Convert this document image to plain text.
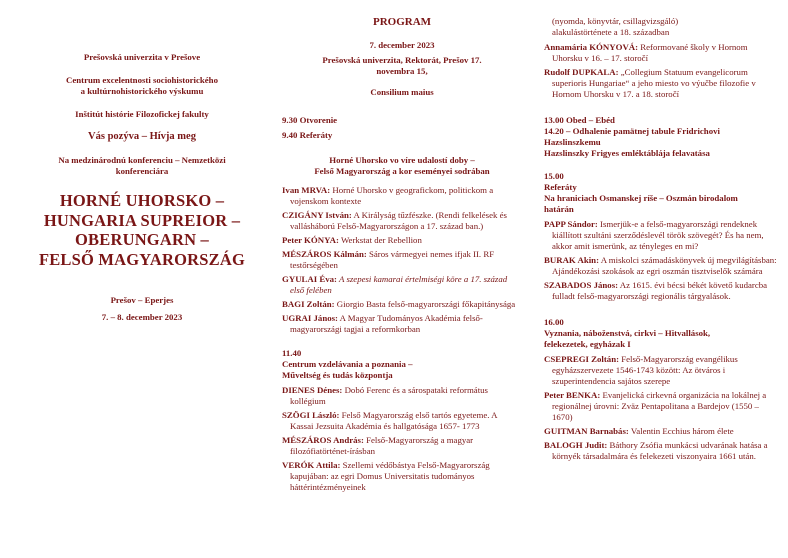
Prešovská univerzita v Prešove
Centrum excelentnosti sociohistorického
a kultúrnohistorického výskumu
Inštitút histórie Filozofickej fakulty
Vás pozýva – Hívja meg
Na medzinárodnú konferenciu – Nemzetközi
konferenciára
HORNÉ UHORSKO –
HUNGARIA SUPREIOR –
OBERUNGARN –
FELSŐ MAGYARORSZÁG
Prešov – Eperjes
7. – 8. december 2023
PROGRAM
7. december 2023
Prešovská univerzita, Rektorát, Prešov 17.
novembra 15,
Consilium maius
9.30 Otvorenie
9.40 Referáty
Horné Uhorsko vo víre udalostí doby –
Felső Magyarország a kor eseményei sodrában
Ivan MRVA: Horné Uhorsko v geografickom, politickom a vojenskom kontexte
CZIGÁNY István: A Királyság tűzfészke. (Rendi felkelések és vallásháború Felső-Magyarországon a 17. század ban.)
Peter KÓNYA: Werkstat der Rebellion
MÉSZÁROS Kálmán: Sáros vármegyei nemes ifjak II. RF testőrségében
GYULAI Éva: A szepesi kamarai értelmiségi köre a 17. század első felében
BAGI Zoltán: Giorgio Basta felső-magyarországi főkapitánysága
UGRAI János: A Magyar Tudományos Akadémia felső-magyarországi tagjai a reformkorban
11.40
Centrum vzdelávania a poznania –
Műveltség és tudás központja
DIENES Dénes: Dobó Ferenc és a sárospataki református kollégium
SZÖGI László: Felső Magyarország első tartós egyeteme. A Kassai Jezsuita Akadémia és hallgatósága 1657- 1773
MÉSZÁROS András: Felső-Magyarország a magyar filozófiatörténet-írásban
VERÓK Attila: Szellemi védőbástya Felső-Magyarország kapujában: az egri Domus Universitatis tudományos háttérintézményeinek
(nyomda, könyvtár, csillagvizsgáló)
alakulástörténete a 18. században
Annamária KÓNYOVÁ: Reformované školy v Hornom Uhorsku v 16. – 17. storočí
Rudolf DUPKALA: „Collegium Statuum evangelicorum superioris Hungariae“ a jeho miesto vo výučbe filozofie v Hornom Uhorsku v 17. a 18. storočí
13.00 Obed – Ebéd
14.20 – Odhalenie pamätnej tabule Fridrichovi
Hazslinszkemu
Hazslinszky Frigyes emléktáblája felavatása
15.00
Referáty
Na hraniciach Osmanskej ríše – Oszmán birodalom
határán
PAPP Sándor: Ismerjük-e a felső-magyarországi rendeknek kiállított szultáni szerződéslevél török szövegét? És ha nem, akkor amit ismerünk, az tényleges en mi?
BURAK Akin: A miskolci számadáskönyvek új megvilágításban: Ajándékozási szokások az egri oszmán tisztviselők számára
SZABADOS János: Az 1615. évi bécsi békét követő kudarcba fulladt felső-magyarországi regionális tárgyalások.
16.00
Vyznania, náboženstvá, cirkvi – Hitvallások,
felekezetek, egyházak I
CSEPREGI Zoltán: Felső-Magyarország evangélikus egyházszervezete 1546-1743 között: Az ötváros i szuperintendencia sajátos szerepe
Peter BENKA: Evanjelická cirkevná organizácia na lokálnej a regionálnej úrovni: Zväz Pentapolitana a Bardejov (1550 – 1670)
GUITMAN Barnabás: Valentin Ecchius három élete
BALOGH Judit: Báthory Zsófia munkácsi udvarának hatása a környék társadalmára és felekezeti viszonyaira 1661 után.
